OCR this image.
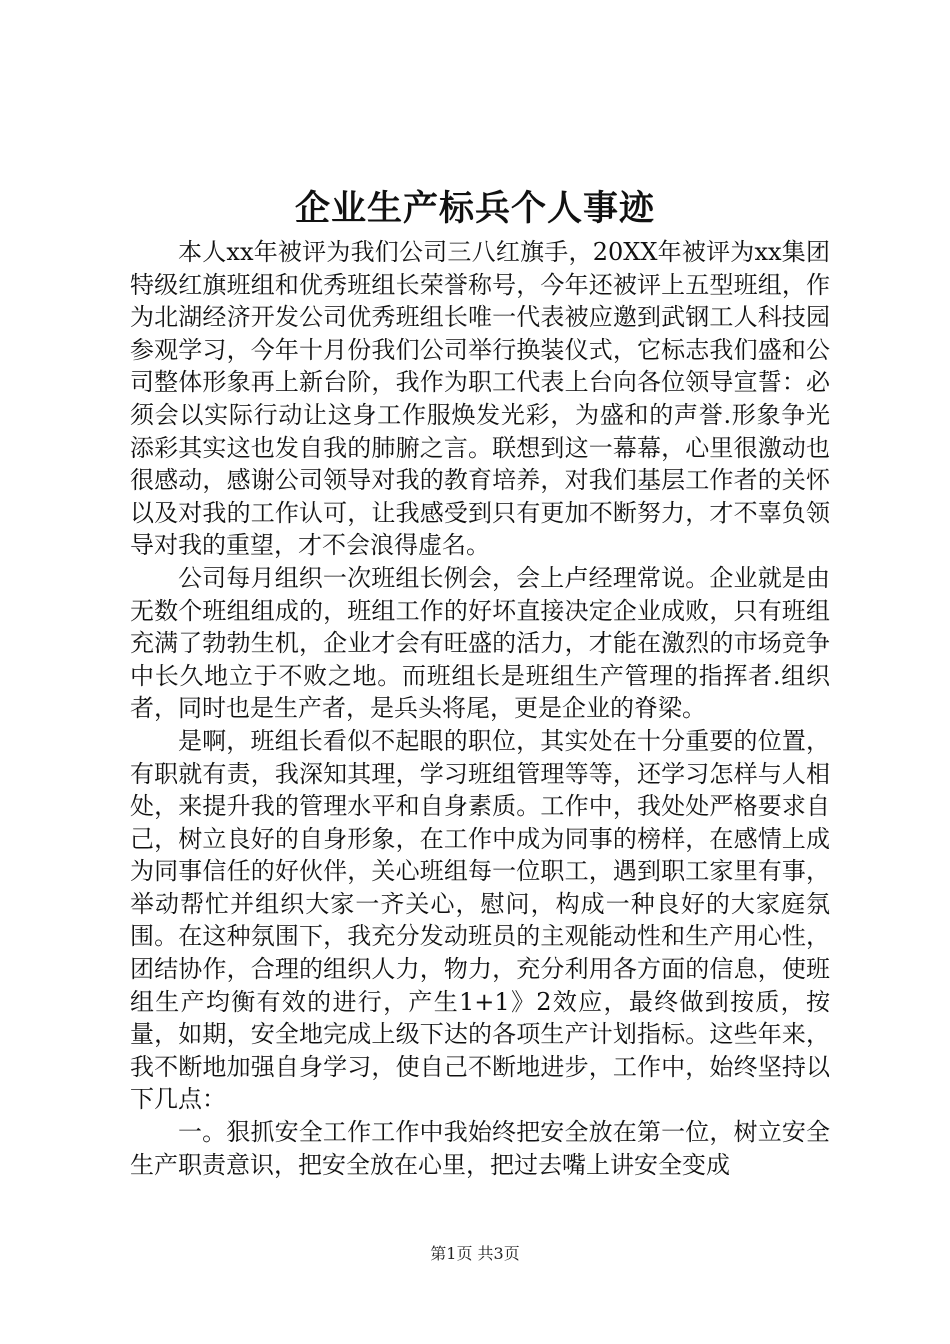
企业生产标兵个人事迹

本人xx年被评为我们公司三八红旗手，20XX年被评为xx集团特级红旗班组和优秀班组长荣誉称号，今年还被评上五型班组，作为北湖经济开发公司优秀班组长唯一代表被应邀到武钢工人科技园参观学习，今年十月份我们公司举行换装仪式，它标志我们盛和公司整体形象再上新台阶，我作为职工代表上台向各位领导宣誓：必须会以实际行动让这身工作服焕发光彩，为盛和的声誉.形象争光添彩其实这也发自我的肺腑之言。联想到这一幕幕，心里很激动也很感动，感谢公司领导对我的教育培养，对我们基层工作者的关怀以及对我的工作认可，让我感受到只有更加不断努力，才不辜负领导对我的重望，才不会浪得虚名。

公司每月组织一次班组长例会，会上卢经理常说。企业就是由无数个班组组成的，班组工作的好坏直接决定企业成败，只有班组充满了勃勃生机，企业才会有旺盛的活力，才能在激烈的市场竞争中长久地立于不败之地。而班组长是班组生产管理的指挥者.组织者，同时也是生产者，是兵头将尾，更是企业的脊梁。

是啊，班组长看似不起眼的职位，其实处在十分重要的位置，有职就有责，我深知其理，学习班组管理等等，还学习怎样与人相处，来提升我的管理水平和自身素质。工作中，我处处严格要求自己，树立良好的自身形象，在工作中成为同事的榜样，在感情上成为同事信任的好伙伴，关心班组每一位职工，遇到职工家里有事，举动帮忙并组织大家一齐关心，慰问，构成一种良好的大家庭氛围。在这种氛围下，我充分发动班员的主观能动性和生产用心性，团结协作，合理的组织人力，物力，充分利用各方面的信息，使班组生产均衡有效的进行，产生1+1》2效应，最终做到按质，按量，如期，安全地完成上级下达的各项生产计划指标。这些年来，我不断地加强自身学习，使自己不断地进步，工作中，始终坚持以下几点：

一。狠抓安全工作工作中我始终把安全放在第一位，树立安全生产职责意识，把安全放在心里，把过去嘴上讲安全变成

第1页 共3页
